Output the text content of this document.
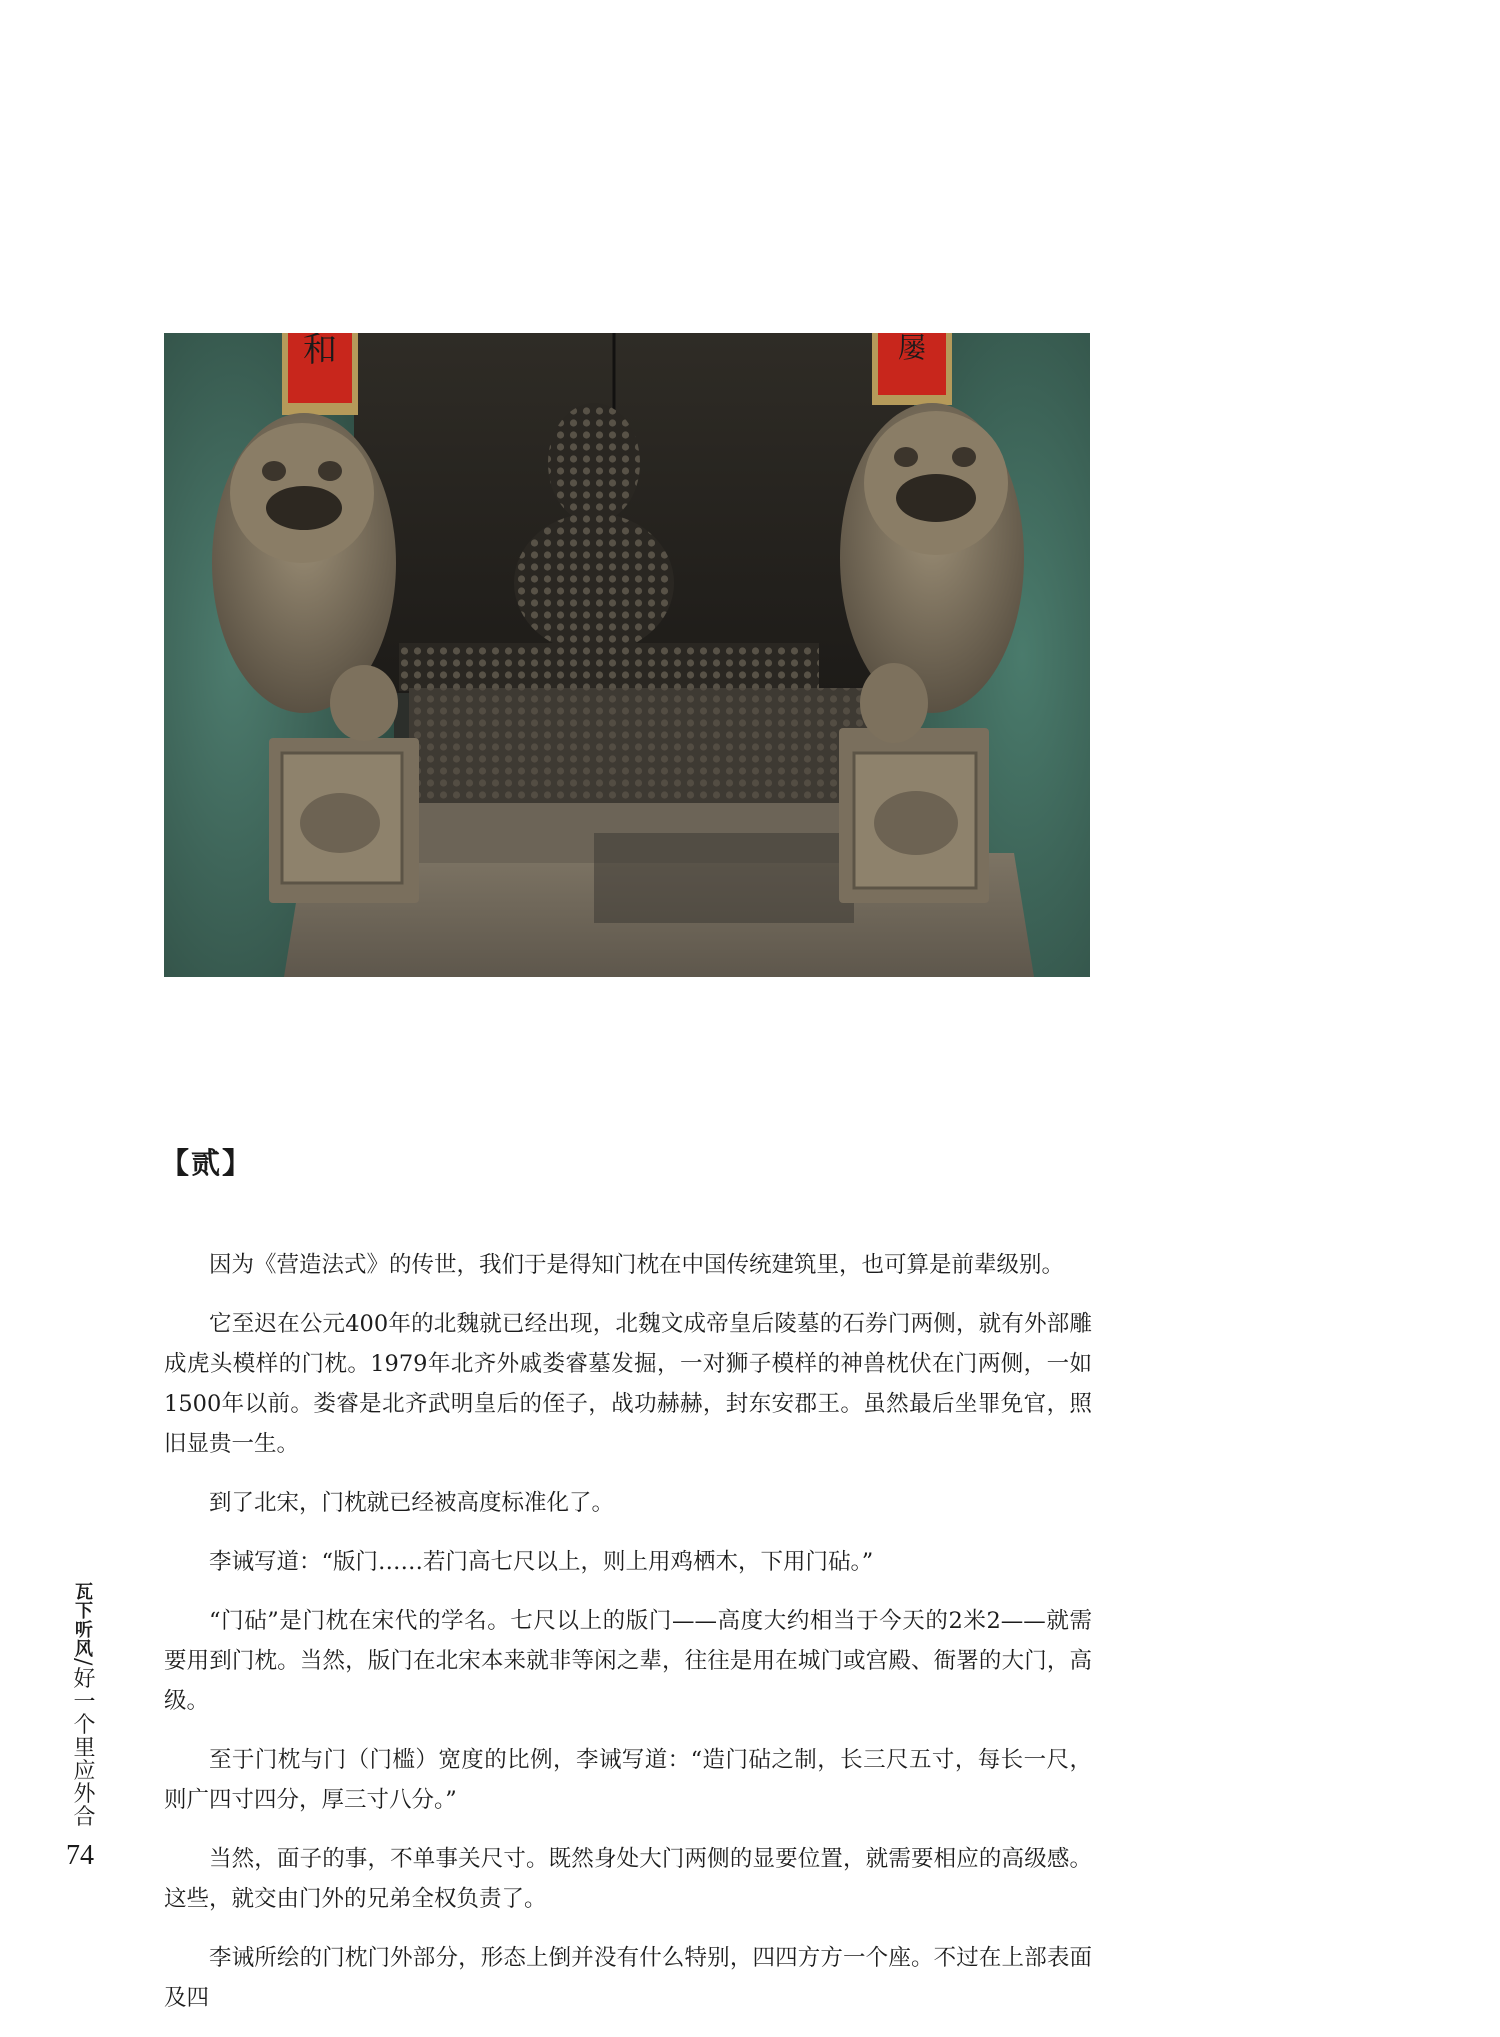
和	屡
【贰】

因为《营造法式》的传世，我们于是得知门枕在中国传统建筑里，也可算是前辈级别。

它至迟在公元400年的北魏就已经出现，北魏文成帝皇后陵墓的石券门两侧，就有外部雕成虎头模样的门枕。1979年北齐外戚娄睿墓发掘，一对狮子模样的神兽枕伏在门两侧，一如1500年以前。娄睿是北齐武明皇后的侄子，战功赫赫，封东安郡王。虽然最后坐罪免官，照旧显贵一生。

到了北宋，门枕就已经被高度标准化了。

李诫写道：“版门……若门高七尺以上，则上用鸡栖木，下用门砧。”

“门砧”是门枕在宋代的学名。七尺以上的版门——高度大约相当于今天的2米2——就需要用到门枕。当然，版门在北宋本来就非等闲之辈，往往是用在城门或宫殿、衙署的大门，高级。

至于门枕与门（门槛）宽度的比例，李诫写道：“造门砧之制，长三尺五寸，每长一尺，则广四寸四分，厚三寸八分。”

当然，面子的事，不单事关尺寸。既然身处大门两侧的显要位置，就需要相应的高级感。这些，就交由门外的兄弟全权负责了。

李诫所绘的门枕门外部分，形态上倒并没有什么特别，四四方方一个座。不过在上部表面及四

瓦下听风/好一个里应外合
74
